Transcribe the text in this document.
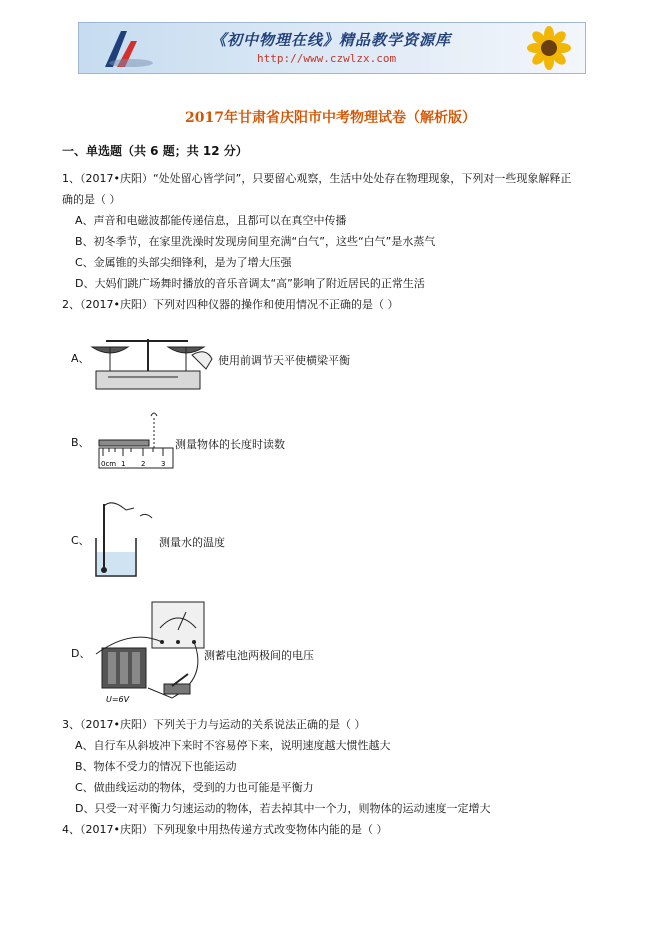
《初中物理在线》精品教学资源库
http://www.czwlzx.com
2017年甘肃省庆阳市中考物理试卷（解析版）
一、单选题（共 6 题；共 12 分）
1、（2017•庆阳）“处处留心皆学问”，只要留心观察，生活中处处存在物理现象，下列对一些现象解释正
确的是（ ）
A、声音和电磁波都能传递信息，且都可以在真空中传播
B、初冬季节，在家里洗澡时发现房间里充满“白气”，这些“白气”是水蒸气
C、金属锥的头部尖细锋利，是为了增大压强
D、大妈们跳广场舞时播放的音乐音调太“高”影响了附近居民的正常生活
2、（2017•庆阳）下列对四种仪器的操作和使用情况不正确的是（ ）
A、	使用前调节天平使横梁平衡
B、
0cm 1 2 3
测量物体的长度时读数
C、	测量水的温度
D、
U=6V
测蓄电池两极间的电压
3、（2017•庆阳）下列关于力与运动的关系说法正确的是（ ）
A、自行车从斜坡冲下来时不容易停下来，说明速度越大惯性越大
B、物体不受力的情况下也能运动
C、做曲线运动的物体，受到的力也可能是平衡力
D、只受一对平衡力匀速运动的物体，若去掉其中一个力，则物体的运动速度一定增大
4、（2017•庆阳）下列现象中用热传递方式改变物体内能的是（ ）
